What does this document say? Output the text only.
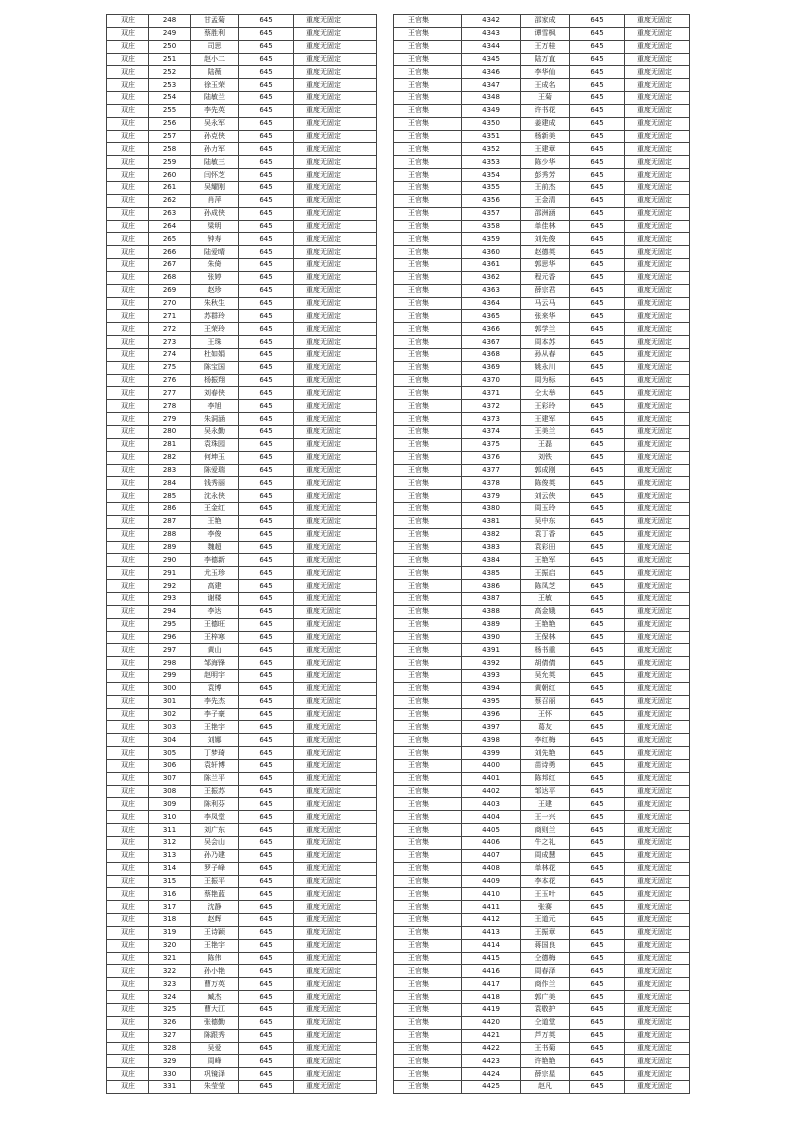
双庄	248	甘孟菊	645	重度无固定
双庄	249	蔡胜利	645	重度无固定
双庄	250	司思	645	重度无固定
双庄	251	赵小二	645	重度无固定
双庄	252	陆薇	645	重度无固定
双庄	253	徐玉荣	645	重度无固定
双庄	254	陆敏兰	645	重度无固定
双庄	255	李先英	645	重度无固定
双庄	256	吴永军	645	重度无固定
双庄	257	孙克侠	645	重度无固定
双庄	258	孙力军	645	重度无固定
双庄	259	陆敏三	645	重度无固定
双庄	260	闫怀芝	645	重度无固定
双庄	261	吴耀刚	645	重度无固定
双庄	262	肖萍	645	重度无固定
双庄	263	孙成侠	645	重度无固定
双庄	264	梁明	645	重度无固定
双庄	265	钟寿	645	重度无固定
双庄	266	陆爱晴	645	重度无固定
双庄	267	朱倚	645	重度无固定
双庄	268	张婷	645	重度无固定
双庄	269	赵珍	645	重度无固定
双庄	270	朱秋生	645	重度无固定
双庄	271	苏群玲	645	重度无固定
双庄	272	王荣玲	645	重度无固定
双庄	273	王珠	645	重度无固定
双庄	274	杜如娟	645	重度无固定
双庄	275	陈宝国	645	重度无固定
双庄	276	杨振翔	645	重度无固定
双庄	277	刘春侠	645	重度无固定
双庄	278	李旭	645	重度无固定
双庄	279	朱洞涵	645	重度无固定
双庄	280	吴永勤	645	重度无固定
双庄	281	袁珠园	645	重度无固定
双庄	282	何坤玉	645	重度无固定
双庄	283	陈爱瑞	645	重度无固定
双庄	284	钱秀丽	645	重度无固定
双庄	285	沈永侠	645	重度无固定
双庄	286	王金红	645	重度无固定
双庄	287	王艳	645	重度无固定
双庄	288	李俊	645	重度无固定
双庄	289	魏超	645	重度无固定
双庄	290	李德新	645	重度无固定
双庄	291	尤玉珍	645	重度无固定
双庄	292	高建	645	重度无固定
双庄	293	谢楼	645	重度无固定
双庄	294	李达	645	重度无固定
双庄	295	王德旺	645	重度无固定
双庄	296	王梓寒	645	重度无固定
双庄	297	黄山	645	重度无固定
双庄	298	邹海锋	645	重度无固定
双庄	299	赵明宇	645	重度无固定
双庄	300	袁博	645	重度无固定
双庄	301	李先杰	645	重度无固定
双庄	302	李子豪	645	重度无固定
双庄	303	王艳宇	645	重度无固定
双庄	304	刘娜	645	重度无固定
双庄	305	丁梦琦	645	重度无固定
双庄	306	袁轩博	645	重度无固定
双庄	307	陈兰平	645	重度无固定
双庄	308	王振苏	645	重度无固定
双庄	309	陈利芬	645	重度无固定
双庄	310	李凤堂	645	重度无固定
双庄	311	刘广东	645	重度无固定
双庄	312	吴会山	645	重度无固定
双庄	313	孙乃建	645	重度无固定
双庄	314	罗子峰	645	重度无固定
双庄	315	王振平	645	重度无固定
双庄	316	蔡艳蓝	645	重度无固定
双庄	317	沈静	645	重度无固定
双庄	318	赵辉	645	重度无固定
双庄	319	王诗颖	645	重度无固定
双庄	320	王艳宇	645	重度无固定
双庄	321	陈伟	645	重度无固定
双庄	322	孙小艳	645	重度无固定
双庄	323	曹万英	645	重度无固定
双庄	324	臧杰	645	重度无固定
双庄	325	曹大江	645	重度无固定
双庄	326	张德勤	645	重度无固定
双庄	327	陈跟秀	645	重度无固定
双庄	328	吴爱	645	重度无固定
双庄	329	周峰	645	重度无固定
双庄	330	巩镜泽	645	重度无固定
双庄	331	朱莹莹	645	重度无固定
王官集	4342	邵家成	645	重度无固定
王官集	4343	谭雪枫	645	重度无固定
王官集	4344	王万桂	645	重度无固定
王官集	4345	陆万直	645	重度无固定
王官集	4346	李华仙	645	重度无固定
王官集	4347	王成名	645	重度无固定
王官集	4348	王菊	645	重度无固定
王官集	4349	许书花	645	重度无固定
王官集	4350	姜建成	645	重度无固定
王官集	4351	杨新美	645	重度无固定
王官集	4352	王建章	645	重度无固定
王官集	4353	陈少华	645	重度无固定
王官集	4354	彭秀芳	645	重度无固定
王官集	4355	王前杰	645	重度无固定
王官集	4356	王金清	645	重度无固定
王官集	4357	邵洲涵	645	重度无固定
王官集	4358	单佳林	645	重度无固定
王官集	4359	刘先俊	645	重度无固定
王官集	4360	赵德英	645	重度无固定
王官集	4361	郭思华	645	重度无固定
王官集	4362	程元香	645	重度无固定
王官集	4363	薛宗君	645	重度无固定
王官集	4364	马云马	645	重度无固定
王官集	4365	张来华	645	重度无固定
王官集	4366	郭学兰	645	重度无固定
王官集	4367	周本苏	645	重度无固定
王官集	4368	孙从春	645	重度无固定
王官集	4369	姚永川	645	重度无固定
王官集	4370	周为标	645	重度无固定
王官集	4371	仝太举	645	重度无固定
王官集	4372	王彩玲	645	重度无固定
王官集	4373	王建军	645	重度无固定
王官集	4374	王美兰	645	重度无固定
王官集	4375	王磊	645	重度无固定
王官集	4376	刘铁	645	重度无固定
王官集	4377	郭成刚	645	重度无固定
王官集	4378	陈俊英	645	重度无固定
王官集	4379	刘云侠	645	重度无固定
王官集	4380	周玉玲	645	重度无固定
王官集	4381	吴中东	645	重度无固定
王官集	4382	袁丁香	645	重度无固定
王官集	4383	袁彩田	645	重度无固定
王官集	4384	王艳军	645	重度无固定
王官集	4385	王振启	645	重度无固定
王官集	4386	陈凤芝	645	重度无固定
王官集	4387	王敏	645	重度无固定
王官集	4388	高金娥	645	重度无固定
王官集	4389	王艳艳	645	重度无固定
王官集	4390	王保林	645	重度无固定
王官集	4391	杨书重	645	重度无固定
王官集	4392	胡倩倩	645	重度无固定
王官集	4393	吴允英	645	重度无固定
王官集	4394	黄朝红	645	重度无固定
王官集	4395	蔡召丽	645	重度无固定
王官集	4396	王怀	645	重度无固定
王官集	4397	葛友	645	重度无固定
王官集	4398	李红梅	645	重度无固定
王官集	4399	刘先艳	645	重度无固定
王官集	4400	苗诗勇	645	重度无固定
王官集	4401	陈邦红	645	重度无固定
王官集	4402	邹达平	645	重度无固定
王官集	4403	王建	645	重度无固定
王官集	4404	王一兴	645	重度无固定
王官集	4405	商则兰	645	重度无固定
王官集	4406	牛之礼	645	重度无固定
王官集	4407	周成慧	645	重度无固定
王官集	4408	单林花	645	重度无固定
王官集	4409	李本花	645	重度无固定
王官集	4410	王玉叶	645	重度无固定
王官集	4411	张赛	645	重度无固定
王官集	4412	王道元	645	重度无固定
王官集	4413	王振章	645	重度无固定
王官集	4414	蒋国良	645	重度无固定
王官集	4415	仝德梅	645	重度无固定
王官集	4416	周春泽	645	重度无固定
王官集	4417	商作兰	645	重度无固定
王官集	4418	郭广美	645	重度无固定
王官集	4419	袁敬护	645	重度无固定
王官集	4420	仝道堂	645	重度无固定
王官集	4421	芦万英	645	重度无固定
王官集	4422	王书菊	645	重度无固定
王官集	4423	许艳艳	645	重度无固定
王官集	4424	薛宗星	645	重度无固定
王官集	4425	赵凡	645	重度无固定
